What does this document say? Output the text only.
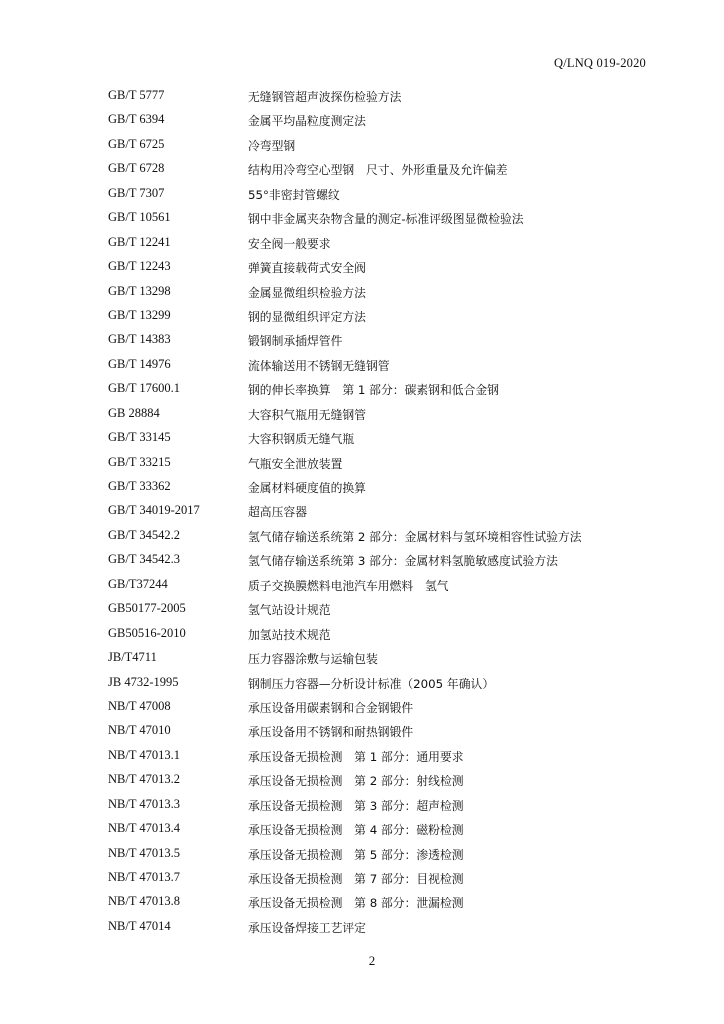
Q/LNQ 019-2020
GB/T 5777	无缝钢管超声波探伤检验方法
GB/T 6394	金属平均晶粒度测定法
GB/T 6725	冷弯型钢
GB/T 6728	结构用冷弯空心型钢　尺寸、外形重量及允许偏差
GB/T 7307	55°非密封管螺纹
GB/T 10561	钢中非金属夹杂物含量的测定-标准评级图显微检验法
GB/T 12241	安全阀一般要求
GB/T 12243	弹簧直接载荷式安全阀
GB/T 13298	金属显微组织检验方法
GB/T 13299	钢的显微组织评定方法
GB/T 14383	锻钢制承插焊管件
GB/T 14976	流体输送用不锈钢无缝钢管
GB/T 17600.1	钢的伸长率换算　第 1 部分：碳素钢和低合金钢
GB 28884	大容积气瓶用无缝钢管
GB/T 33145	大容积钢质无缝气瓶
GB/T 33215	气瓶安全泄放装置
GB/T 33362	金属材料硬度值的换算
GB/T 34019-2017	超高压容器
GB/T 34542.2	氢气储存输送系统第 2 部分：金属材料与氢环境相容性试验方法
GB/T 34542.3	氢气储存输送系统第 3 部分：金属材料氢脆敏感度试验方法
GB/T37244	质子交换膜燃料电池汽车用燃料　氢气
GB50177-2005	氢气站设计规范
GB50516-2010	加氢站技术规范
JB/T4711	压力容器涂敷与运输包装
JB 4732-1995	钢制压力容器—分析设计标准（2005 年确认）
NB/T 47008	承压设备用碳素钢和合金钢锻件
NB/T 47010	承压设备用不锈钢和耐热钢锻件
NB/T 47013.1	承压设备无损检测　第 1 部分：通用要求
NB/T 47013.2	承压设备无损检测　第 2 部分：射线检测
NB/T 47013.3	承压设备无损检测　第 3 部分：超声检测
NB/T 47013.4	承压设备无损检测　第 4 部分：磁粉检测
NB/T 47013.5	承压设备无损检测　第 5 部分：渗透检测
NB/T 47013.7	承压设备无损检测　第 7 部分：目视检测
NB/T 47013.8	承压设备无损检测　第 8 部分：泄漏检测
NB/T 47014	承压设备焊接工艺评定
2
